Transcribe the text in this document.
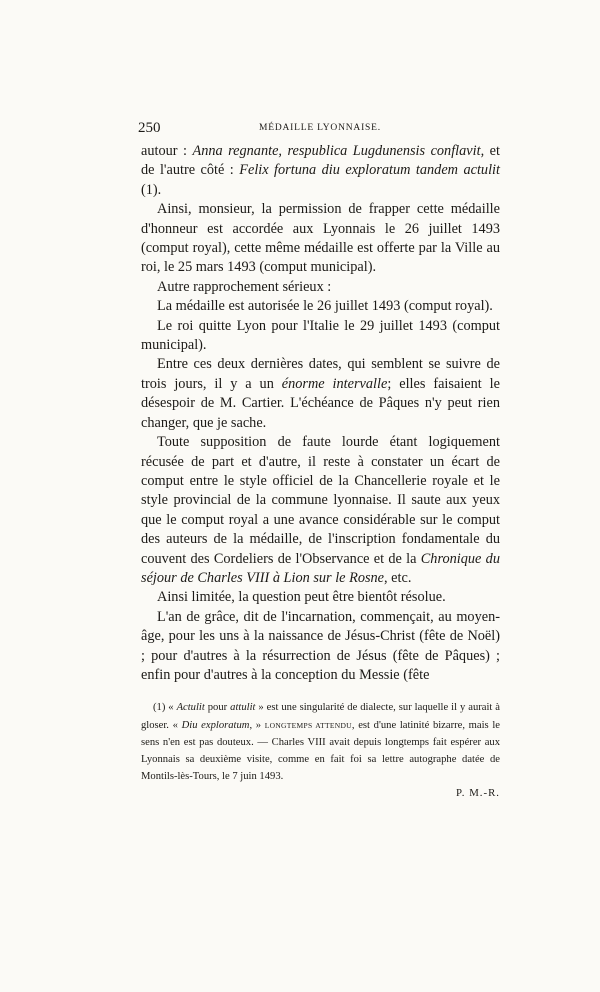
250	MÉDAILLE LYONNAISE.

autour : Anna regnante, respublica Lugdunensis conflavit, et de l'autre côté : Felix fortuna diu exploratum tandem actulit (1).

Ainsi, monsieur, la permission de frapper cette médaille d'honneur est accordée aux Lyonnais le 26 juillet 1493 (comput royal), cette même médaille est offerte par la Ville au roi, le 25 mars 1493 (comput municipal).

Autre rapprochement sérieux :

La médaille est autorisée le 26 juillet 1493 (comput royal).

Le roi quitte Lyon pour l'Italie le 29 juillet 1493 (comput municipal).

Entre ces deux dernières dates, qui semblent se suivre de trois jours, il y a un énorme intervalle; elles faisaient le désespoir de M. Cartier. L'échéance de Pâques n'y peut rien changer, que je sache.

Toute supposition de faute lourde étant logiquement récusée de part et d'autre, il reste à constater un écart de comput entre le style officiel de la Chancellerie royale et le style provincial de la commune lyonnaise. Il saute aux yeux que le comput royal a une avance considérable sur le comput des auteurs de la médaille, de l'inscription fondamentale du couvent des Cordeliers de l'Observance et de la Chronique du séjour de Charles VIII à Lion sur le Rosne, etc.

Ainsi limitée, la question peut être bientôt résolue.

L'an de grâce, dit de l'incarnation, commençait, au moyen-âge, pour les uns à la naissance de Jésus-Christ (fête de Noël) ; pour d'autres à la résurrection de Jésus (fête de Pâques) ; enfin pour d'autres à la conception du Messie (fête

(1) « Actulit pour attulit » est une singularité de dialecte, sur laquelle il y aurait à gloser. « Diu exploratum, » LONGTEMPS ATTENDU, est d'une latinité bizarre, mais le sens n'en est pas douteux. — Charles VIII avait depuis longtemps fait espérer aux Lyonnais sa deuxième visite, comme en fait foi sa lettre autographe datée de Montils-lès-Tours, le 7 juin 1493.

P. M.-R.
